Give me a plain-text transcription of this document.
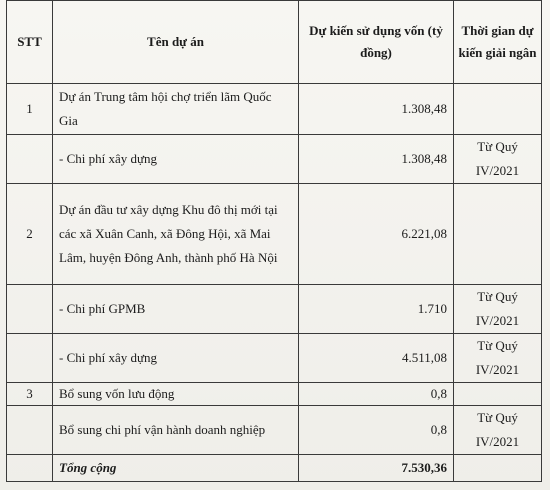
STT	Tên dự án	Dự kiến sử dụng vốn (tỷ đồng)	Thời gian dự kiến giải ngân
1	Dự án Trung tâm hội chợ triển lãm Quốc Gia	1.308,48	
	- Chi phí xây dựng	1.308,48	Từ Quý IV/2021
2	Dự án đầu tư xây dựng Khu đô thị mới tại các xã Xuân Canh, xã Đông Hội, xã Mai Lâm, huyện Đông Anh, thành phố Hà Nội	6.221,08	
	- Chi phí GPMB	1.710	Từ Quý IV/2021
	- Chi phí xây dựng	4.511,08	Từ Quý IV/2021
3	Bổ sung vốn lưu động	0,8	
	Bổ sung chi phí vận hành doanh nghiệp	0,8	Từ Quý IV/2021
	Tổng cộng	7.530,36	
